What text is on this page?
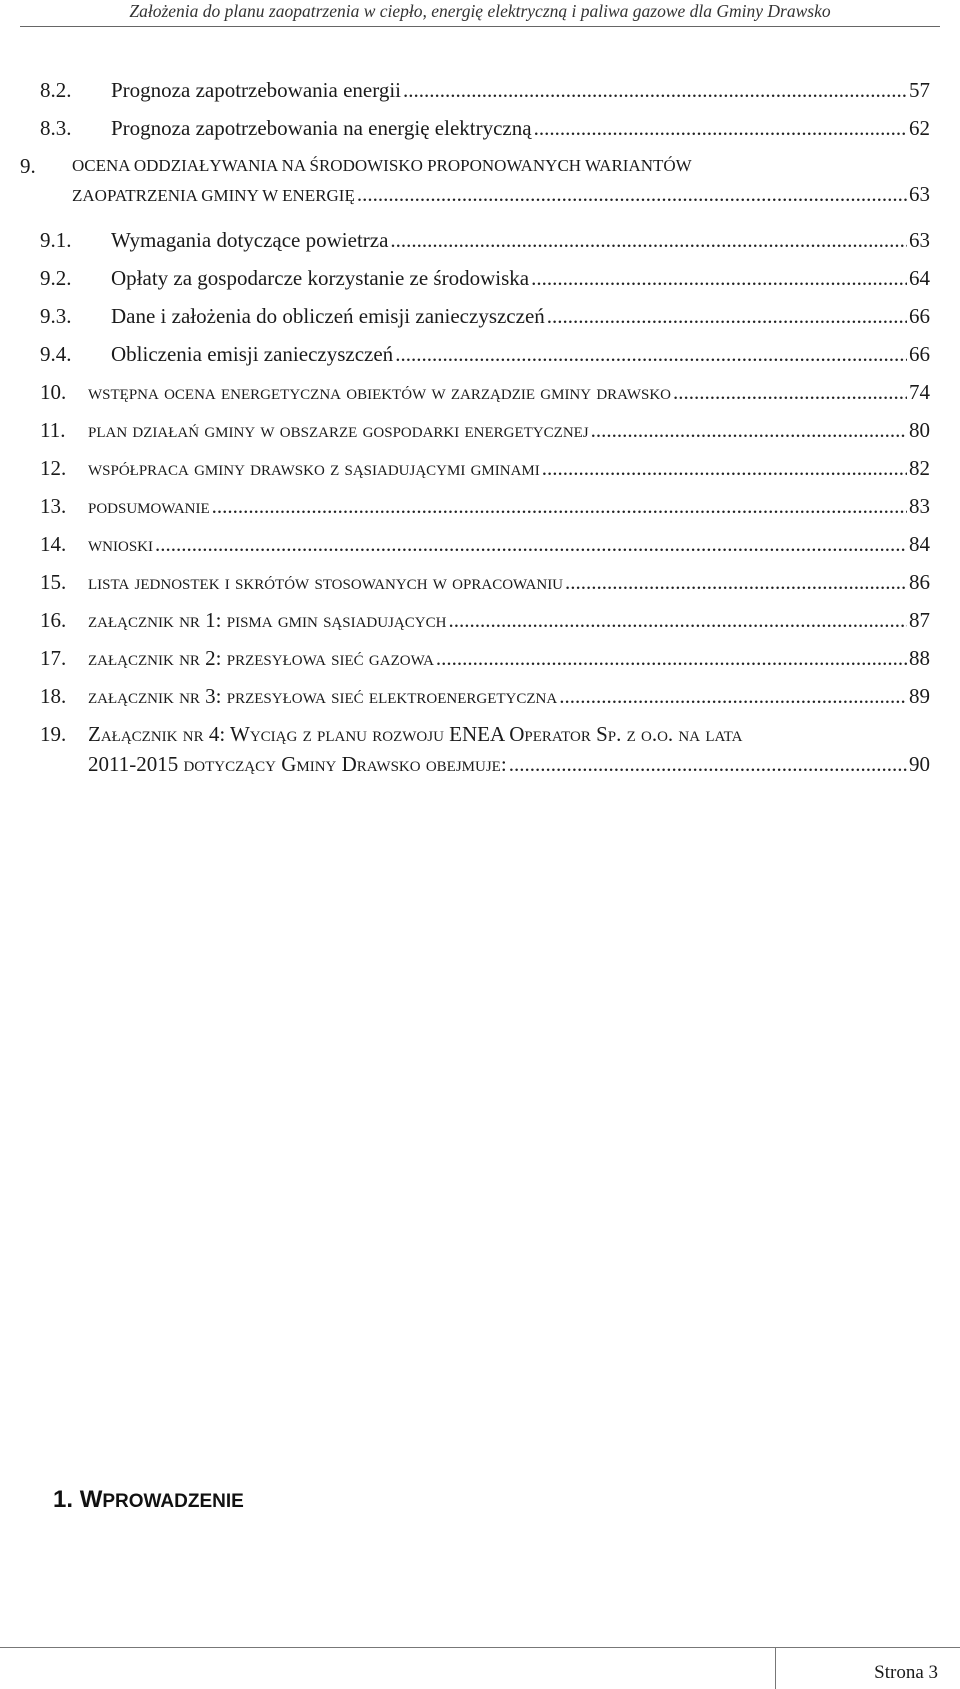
Założenia do planu zaopatrzenia w ciepło, energię elektryczną i paliwa gazowe dla Gminy Drawsko
8.2. Prognoza zapotrzebowania energii .....	57
8.3. Prognoza zapotrzebowania na energię elektryczną .....	62
9. OCENA ODDZIAŁYWANIA NA ŚRODOWISKO PROPONOWANYCH WARIANTÓW
ZAOPATRZENIA GMINY W ENERGIĘ .....	63
9.1. Wymagania dotyczące powietrza .....	63
9.2. Opłaty za gospodarcze korzystanie ze środowiska .....	64
9.3. Dane i założenia do obliczeń emisji zanieczyszczeń .....	66
9.4. Obliczenia emisji zanieczyszczeń .....	66
10. wstępna ocena energetyczna obiektów w zarządzie gminy drawsko .....	74
11. plan działań gminy w obszarze gospodarki energetycznej .....	80
12. współpraca gminy drawsko z sąsiadującymi gminami .....	82
13. podsumowanie .....	83
14. wnioski .....	84
15. lista jednostek i skrótów stosowanych w opracowaniu .....	86
16. załącznik nr 1: pisma gmin sąsiadujących .....	87
17. załącznik nr 2: przesyłowa sieć gazowa .....	88
18. załącznik nr 3: przesyłowa sieć elektroenergetyczna .....	89
19. Załącznik nr 4: Wyciąg z planu rozwoju ENEA Operator Sp. z o.o. na lata
2011-2015 dotyczący Gminy Drawsko obejmuje: .....	90
1. WPROWADZENIE
Strona 3
